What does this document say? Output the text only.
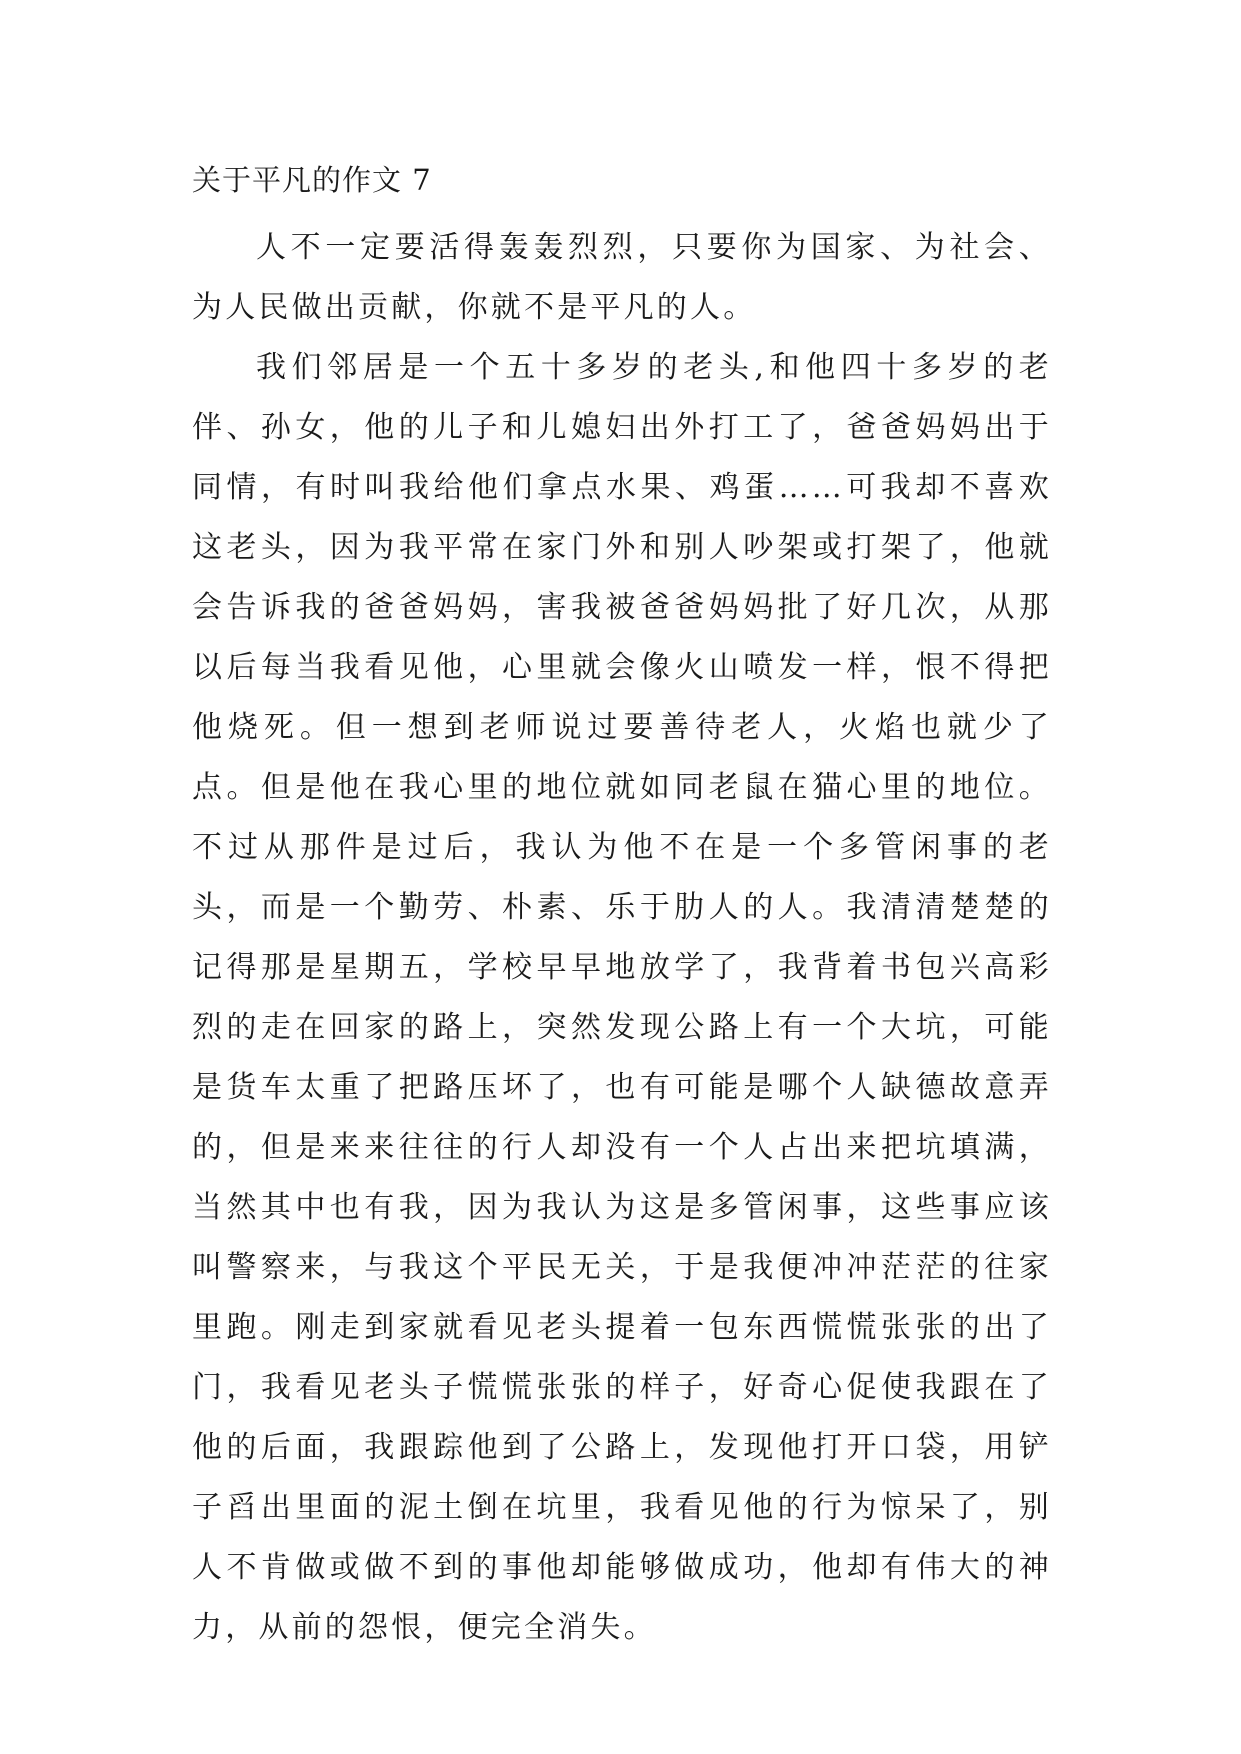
关于平凡的作文 7

人不一定要活得轰轰烈烈，只要你为国家、为社会、为人民做出贡献，你就不是平凡的人。

我们邻居是一个五十多岁的老头,和他四十多岁的老伴、孙女，他的儿子和儿媳妇出外打工了，爸爸妈妈出于同情，有时叫我给他们拿点水果、鸡蛋……可我却不喜欢这老头，因为我平常在家门外和别人吵架或打架了，他就会告诉我的爸爸妈妈，害我被爸爸妈妈批了好几次，从那以后每当我看见他，心里就会像火山喷发一样，恨不得把他烧死。但一想到老师说过要善待老人，火焰也就少了点。但是他在我心里的地位就如同老鼠在猫心里的地位。不过从那件是过后，我认为他不在是一个多管闲事的老头，而是一个勤劳、朴素、乐于肋人的人。我清清楚楚的记得那是星期五，学校早早地放学了，我背着书包兴高彩烈的走在回家的路上，突然发现公路上有一个大坑，可能是货车太重了把路压坏了，也有可能是哪个人缺德故意弄的，但是来来往往的行人却没有一个人占出来把坑填满，当然其中也有我，因为我认为这是多管闲事，这些事应该叫警察来，与我这个平民无关，于是我便冲冲茫茫的往家里跑。刚走到家就看见老头提着一包东西慌慌张张的出了门，我看见老头子慌慌张张的样子，好奇心促使我跟在了他的后面，我跟踪他到了公路上，发现他打开口袋，用铲子舀出里面的泥土倒在坑里，我看见他的行为惊呆了，别人不肯做或做不到的事他却能够做成功，他却有伟大的神力，从前的怨恨，便完全消失。
